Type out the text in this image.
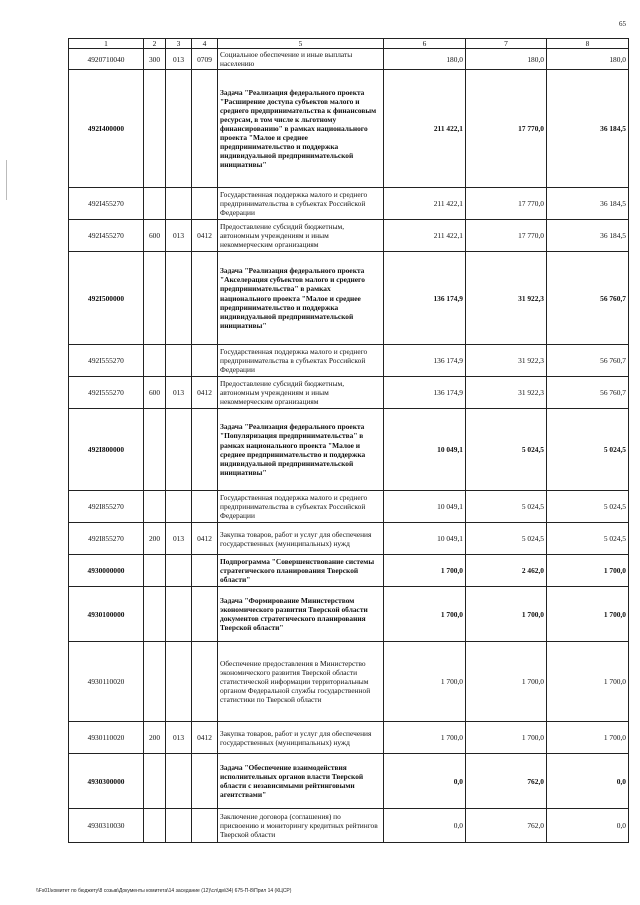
65
1	2	3	4	5	6	7	8
4920710040	300	013	0709	Социальное обеспечение и иные выплаты населению	180,0	180,0	180,0
492I400000				Задача "Реализация федерального проекта "Расширение доступа субъектов малого и среднего предпринимательства к финансовым ресурсам, в том числе к льготному финансированию" в рамках национального проекта "Малое и среднее предпринимательство и поддержка индивидуальной предпринимательской инициативы"	211 422,1	17 770,0	36 184,5
492I455270				Государственная поддержка малого и среднего предпринимательства в субъектах Российской Федерации	211 422,1	17 770,0	36 184,5
492I455270	600	013	0412	Предоставление субсидий бюджетным, автономным учреждениям и иным некоммерческим организациям	211 422,1	17 770,0	36 184,5
492I500000				Задача "Реализация федерального проекта "Акселерация субъектов малого и среднего предпринимательства" в рамках национального проекта "Малое и среднее предпринимательство и поддержка индивидуальной предпринимательской инициативы"	136 174,9	31 922,3	56 760,7
492I555270				Государственная поддержка малого и среднего предпринимательства в субъектах Российской Федерации	136 174,9	31 922,3	56 760,7
492I555270	600	013	0412	Предоставление субсидий бюджетным, автономным учреждениям и иным некоммерческим организациям	136 174,9	31 922,3	56 760,7
492I800000				Задача "Реализация федерального проекта "Популяризация предпринимательства" в рамках национального проекта "Малое и среднее предпринимательство и поддержка индивидуальной предпринимательской инициативы"	10 049,1	5 024,5	5 024,5
492I855270				Государственная поддержка малого и среднего предпринимательства в субъектах Российской Федерации	10 049,1	5 024,5	5 024,5
492I855270	200	013	0412	Закупка товаров, работ и услуг для обеспечения государственных (муниципальных) нужд	10 049,1	5 024,5	5 024,5
4930000000				Подпрограмма "Совершенствование системы стратегического планирования Тверской области"	1 700,0	2 462,0	1 700,0
4930100000				Задача "Формирование Министерством экономического развития Тверской области документов стратегического планирования Тверской области"	1 700,0	1 700,0	1 700,0
4930110020				Обеспечение предоставления в Министерство экономического развития Тверской области статистической информации территориальным органом Федеральной службы государственной статистики по Тверской области	1 700,0	1 700,0	1 700,0
4930110020	200	013	0412	Закупка товаров, работ и услуг для обеспечения государственных (муниципальных) нужд	1 700,0	1 700,0	1 700,0
4930300000				Задача "Обеспечение взаимодействия исполнительных органов власти Тверской области с независимыми рейтинговыми агентствами"	0,0	762,0	0,0
4930310030				Заключение договора (соглашения) по присвоению и мониторингу кредитных рейтингов Тверской области	0,0	762,0	0,0
\\Fs01\комитет по бюджету\8 созыв\Документы комитета\14 заседание (12)\сл\дм\34) 675-П-8\Прил 14 (КЦСР)
